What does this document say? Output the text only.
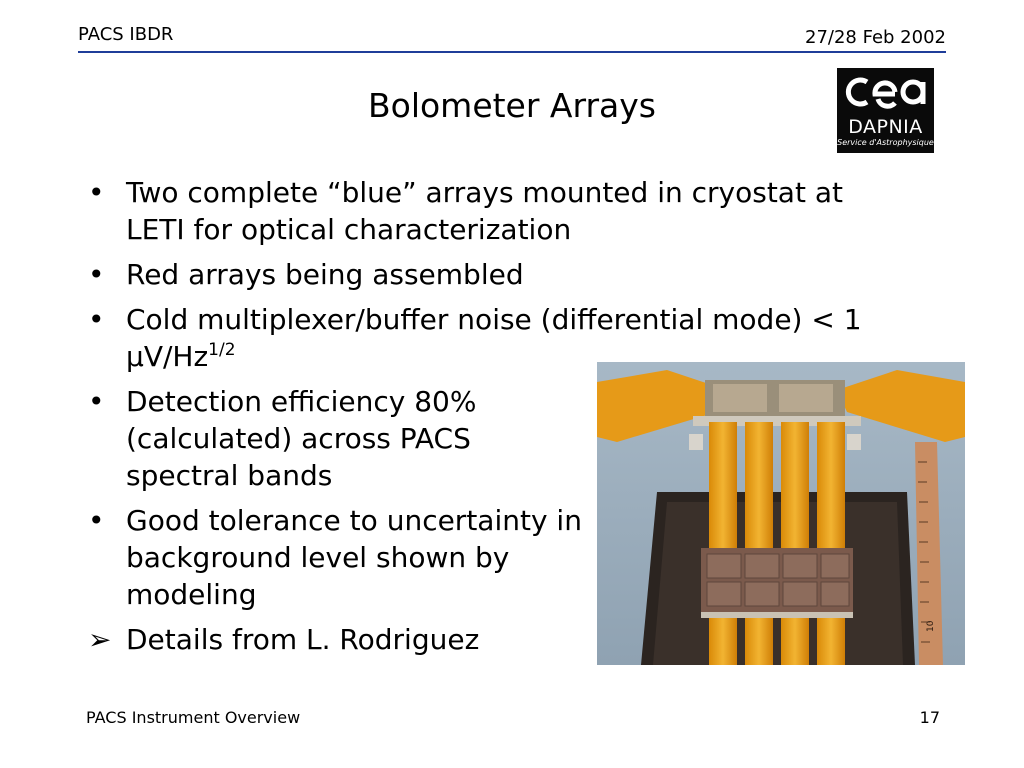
PACS IBDR	27/28 Feb 2002
Bolometer Arrays
DAPNIA
Service d'Astrophysique
• Two complete “blue” arrays mounted in cryostat at LETI for optical characterization
• Red arrays being assembled
• Cold multiplexer/buffer noise (differential mode) < 1 $\mu V/Hz^{1/2}$
• Detection efficiency 80% (calculated) across PACS spectral bands
• Good tolerance to uncertainty in background level shown by modeling
➢ Details from L. Rodriguez	10
PACS Instrument Overview	17
